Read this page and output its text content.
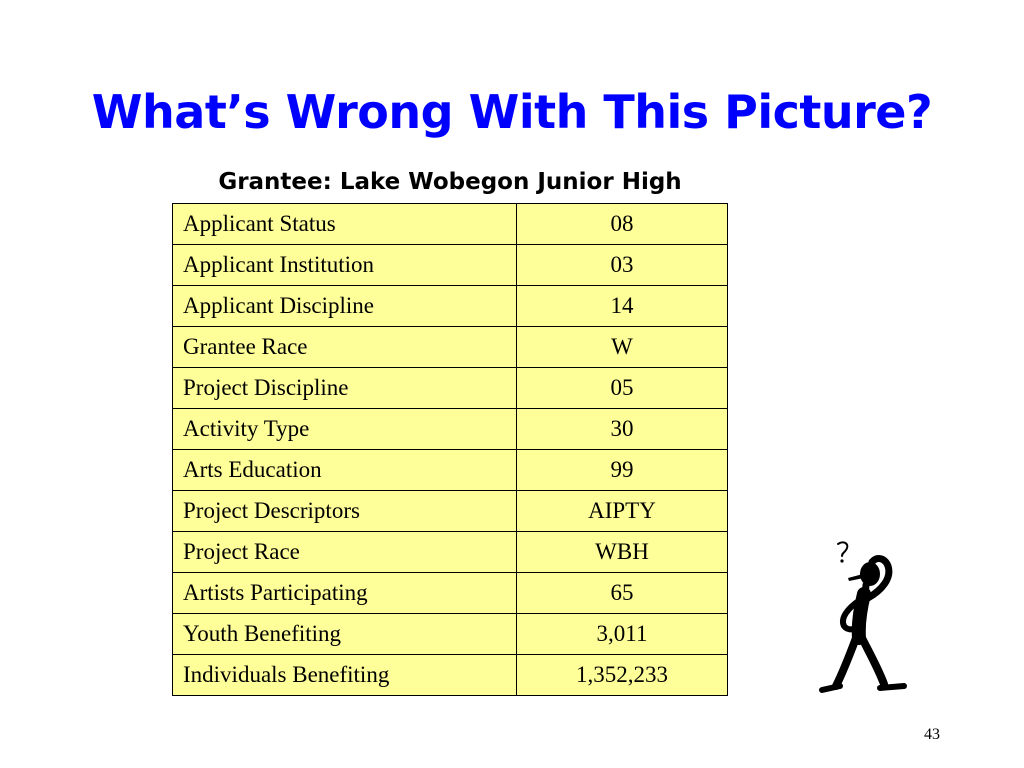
What’s Wrong With This Picture?
Grantee: Lake Wobegon Junior High
Applicant Status	08
Applicant Institution	03
Applicant Discipline	14
Grantee Race	W
Project Discipline	05
Activity Type	30
Arts Education	99
Project Descriptors	AIPTY
Project Race	WBH
Artists Participating	65
Youth Benefiting	3,011
Individuals Benefiting	1,352,233
43
